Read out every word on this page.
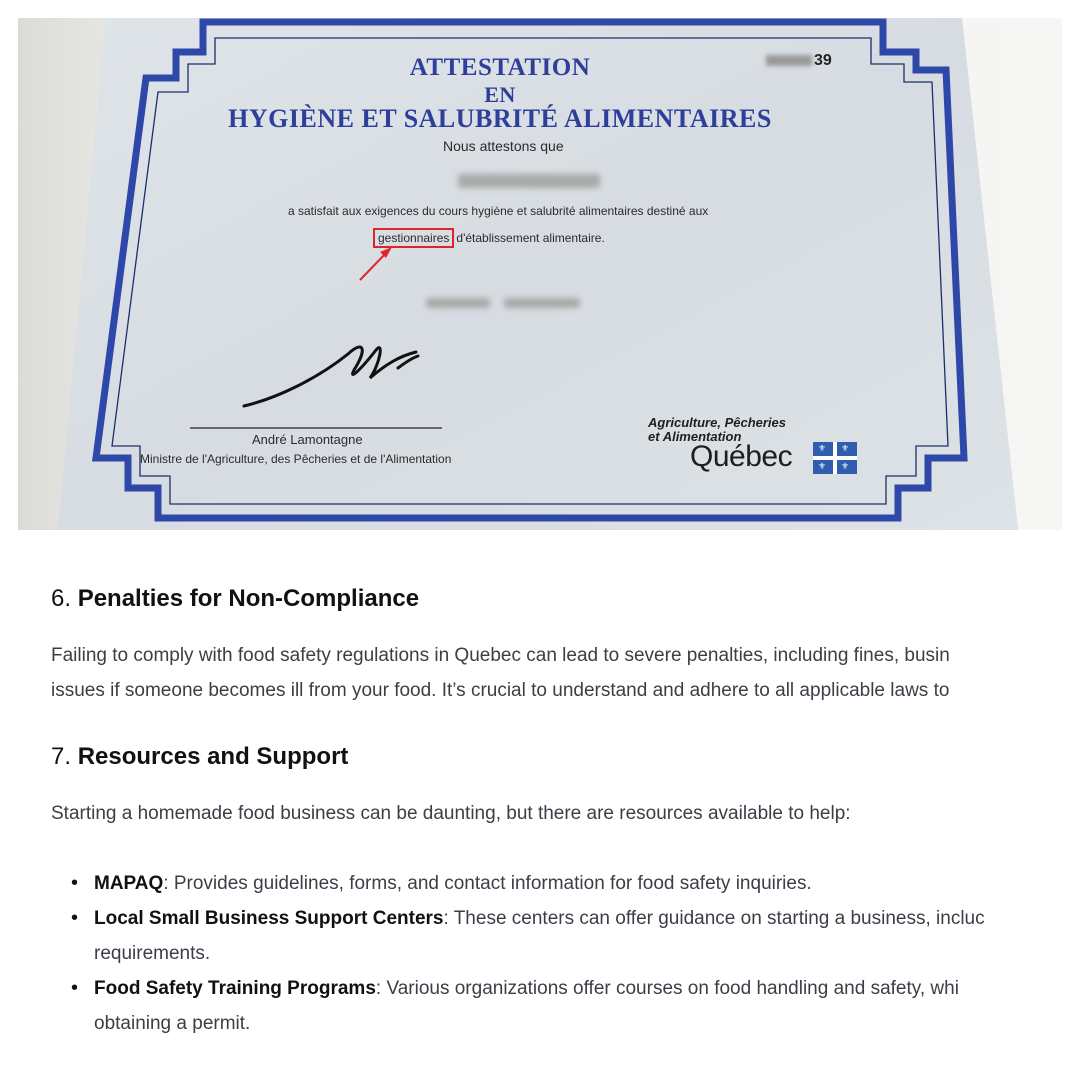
ATTESTATION
EN
HYGIÈNE ET SALUBRITÉ ALIMENTAIRES
39
Nous attestons que
a satisfait aux exigences du cours hygiène et salubrité alimentaires destiné aux
gestionnaires d'établissement alimentaire.
André Lamontagne
Ministre de l'Agriculture, des Pêcheries et de l'Alimentation
Agriculture, Pêcheries
et Alimentation
Québec	⚜ ⚜
⚜ ⚜
6. Penalties for Non-Compliance

Failing to comply with food safety regulations in Quebec can lead to severe penalties, including fines, busin

issues if someone becomes ill from your food. It’s crucial to understand and adhere to all applicable laws to

7. Resources and Support

Starting a homemade food business can be daunting, but there are resources available to help:

• MAPAQ: Provides guidelines, forms, and contact information for food safety inquiries.
• Local Small Business Support Centers: These centers can offer guidance on starting a business, incluc
requirements.
• Food Safety Training Programs: Various organizations offer courses on food handling and safety, whi
obtaining a permit.
